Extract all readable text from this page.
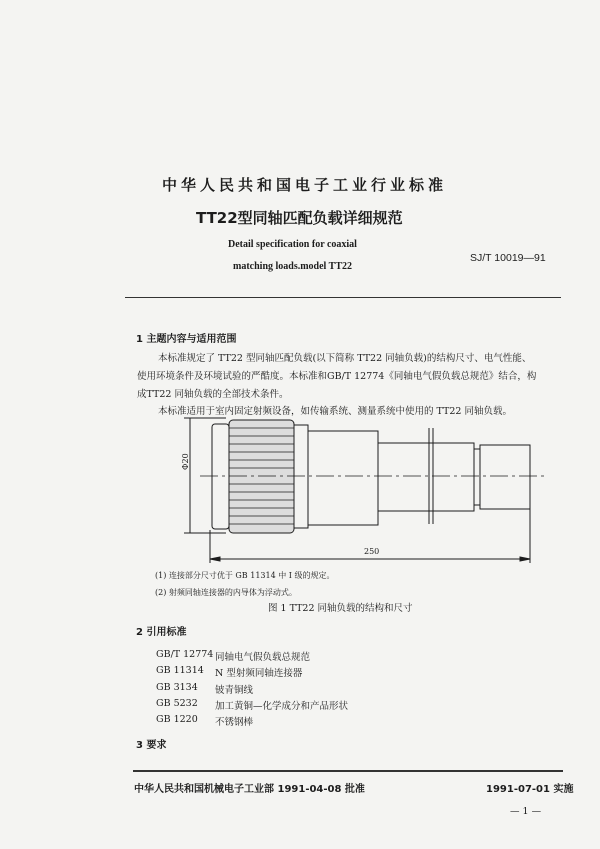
中华人民共和国电子工业行业标准
TT22型同轴匹配负载详细规范
Detail specification for coaxial
matching loads.model TT22
SJ/T 10019—91
1 主题内容与适用范围
本标准规定了 TT22 型同轴匹配负载(以下简称 TT22 同轴负载)的结构尺寸、电气性能、
使用环境条件及环境试验的严酷度。本标准和GB/T 12774《同轴电气假负载总规范》结合，构
成TT22 同轴负载的全部技术条件。
本标准适用于室内固定射频设备，如传输系统、测量系统中使用的 TT22 同轴负载。
Φ20
250
(1) 连接部分尺寸优于 GB 11314 中 I 级的规定。
(2) 射频同轴连接器的内导体为浮动式。
图 1 TT22 同轴负载的结构和尺寸
2 引用标准
GB/T 12774 同轴电气假负载总规范
GB 11314 N 型射频同轴连接器
GB 3134 铍青铜线
GB 5232 加工黄铜—化学成分和产品形状
GB 1220 不锈钢棒
3 要求
中华人民共和国机械电子工业部 1991-04-08 批准	1991-07-01 实施
— 1 —
